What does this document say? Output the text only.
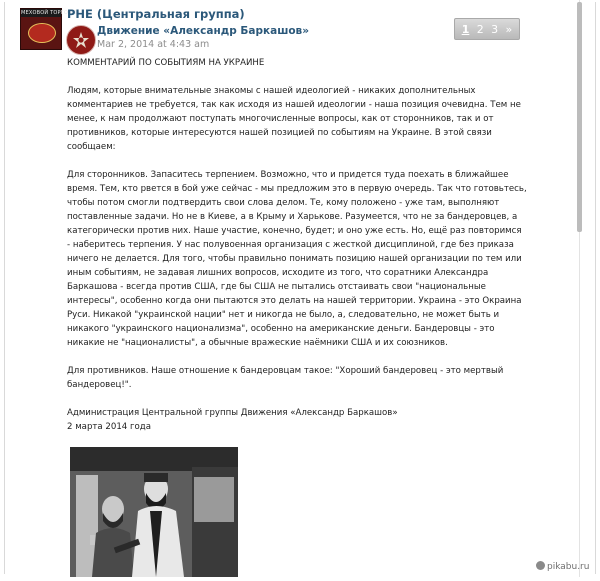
МЕХОВОЙ ТОРГОВЕЦ
РНЕ (Центральная группа)
Движение «Александр Баркашов»
Mar 2, 2014 at 4:43 am
1 2 3 »

КОММЕНТАРИЙ ПО СОБЫТИЯМ НА УКРАИНЕ

Людям, которые внимательные знакомы с нашей идеологией - никаких дополнительных комментариев не требуется, так как исходя из нашей идеологии - наша позиция очевидна. Тем не менее, к нам продолжают поступать многочисленные вопросы, как от сторонников, так и от противников, которые интересуются нашей позицией по событиям на Украине. В этой связи сообщаем:

Для сторонников. Запаситесь терпением. Возможно, что и придется туда поехать в ближайшее время. Тем, кто рвется в бой уже сейчас - мы предложим это в первую очередь. Так что готовьтесь, чтобы потом смогли подтвердить свои слова делом. Те, кому положено - уже там, выполняют поставленные задачи. Но не в Киеве, а в Крыму и Харькове. Разумеется, что не за бандеровцев, а категорически против них. Наше участие, конечно, будет; и оно уже есть. Но, ещё раз повторимся - наберитесь терпения. У нас полувоенная организация с жесткой дисциплиной, где без приказа ничего не делается. Для того, чтобы правильно понимать позицию нашей организации по тем или иным событиям, не задавая лишних вопросов, исходите из того, что соратники Александра Баркашова - всегда против США, где бы США не пытались отстаивать свои "национальные интересы", особенно когда они пытаются это делать на нашей территории. Украина - это Окраина Руси. Никакой "украинской нации" нет и никогда не было, а, следовательно, не может быть и никакого "украинского национализма", особенно на американские деньги. Бандеровцы - это никакие не "националисты", а обычные вражеские наёмники США и их союзников.

Для противников. Наше отношение к бандеровцам такое: "Хороший бандеровец - это мертвый бандеровец!".

Администрация Центральной группы Движения «Александр Баркашов»

2 марта 2014 года

pikabu.ru
